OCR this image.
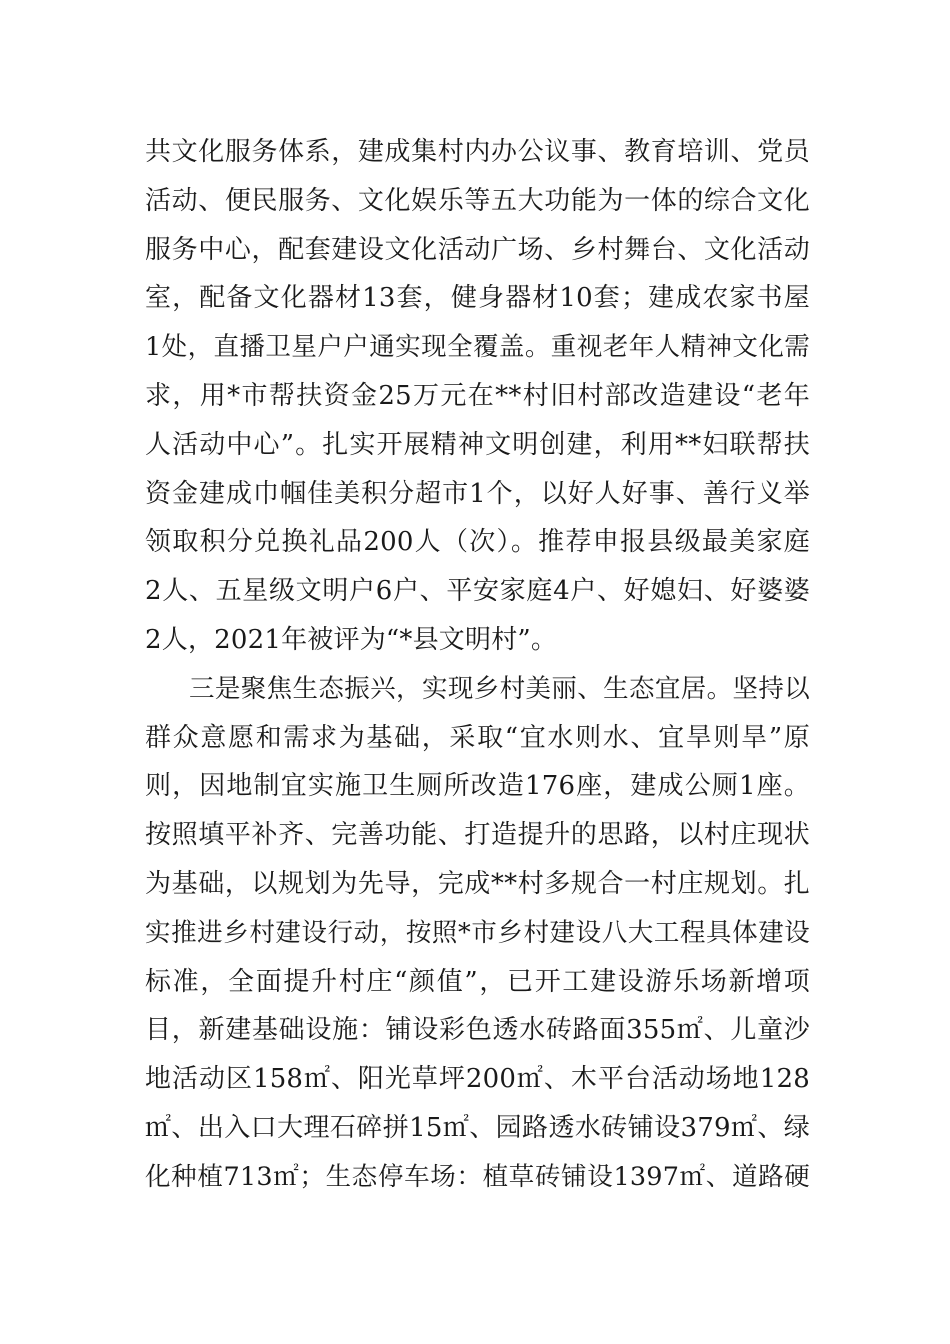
共文化服务体系，建成集村内办公议事、教育培训、党员
活动、便民服务、文化娱乐等五大功能为一体的综合文化
服务中心，配套建设文化活动广场、乡村舞台、文化活动
室，配备文化器材13套，健身器材10套；建成农家书屋
1处，直播卫星户户通实现全覆盖。重视老年人精神文化需
求，用*市帮扶资金25万元在**村旧村部改造建设“老年
人活动中心”。扎实开展精神文明创建，利用**妇联帮扶
资金建成巾帼佳美积分超市1个，以好人好事、善行义举
领取积分兑换礼品200人（次）。推荐申报县级最美家庭
2人、五星级文明户6户、平安家庭4户、好媳妇、好婆婆
2人，2021年被评为“*县文明村”。
三是聚焦生态振兴，实现乡村美丽、生态宜居。坚持以
群众意愿和需求为基础，采取“宜水则水、宜旱则旱”原
则，因地制宜实施卫生厕所改造176座，建成公厕1座。
按照填平补齐、完善功能、打造提升的思路，以村庄现状
为基础，以规划为先导，完成**村多规合一村庄规划。扎
实推进乡村建设行动，按照*市乡村建设八大工程具体建设
标准，全面提升村庄“颜值”，已开工建设游乐场新增项
目，新建基础设施：铺设彩色透水砖路面355㎡、儿童沙
地活动区158㎡、阳光草坪200㎡、木平台活动场地128
㎡、出入口大理石碎拼15㎡、园路透水砖铺设379㎡、绿
化种植713㎡；生态停车场：植草砖铺设1397㎡、道路硬
